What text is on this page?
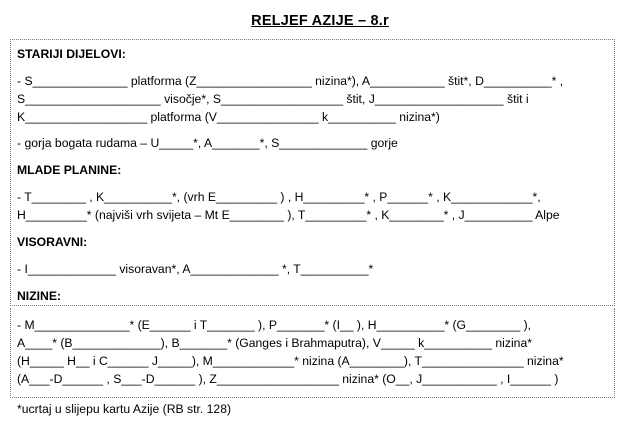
RELJEF AZIJE – 8.r
STARIJI DIJELOVI:
- S______________ platforma (Z_________________ nizina*), A___________ štit*, D__________* ,
S____________________ visočje*, S__________________ štit, J___________________ štit i
K__________________ platforma (V_______________ k__________ nizina*)
- gorja bogata rudama – U_____*, A_______*, S_____________ gorje
MLADE PLANINE:
- T________ , K__________*, (vrh E_________ ) , H_________* , P______* , K____________*,
H_________* (najviši vrh svijeta – Mt E________ ), T_________* , K________* , J__________ Alpe
VISORAVNI:
- I_____________ visoravan*, A_____________ *, T__________*
NIZINE:
- M______________* (E______ i T_______ ), P_______* (I__ ), H__________* (G________ ),
A____* (B_____________), B_______* (Ganges i Brahmaputra), V_____ k__________ nizina*
(H_____ H__ i C______ J_____), M____________* nizina (A________), T_______________ nizina*
(A___-D______ , S___-D______ ), Z__________________ nizina* (O__, J___________ , I______ )
*ucrtaj u slijepu kartu Azije (RB str. 128)
